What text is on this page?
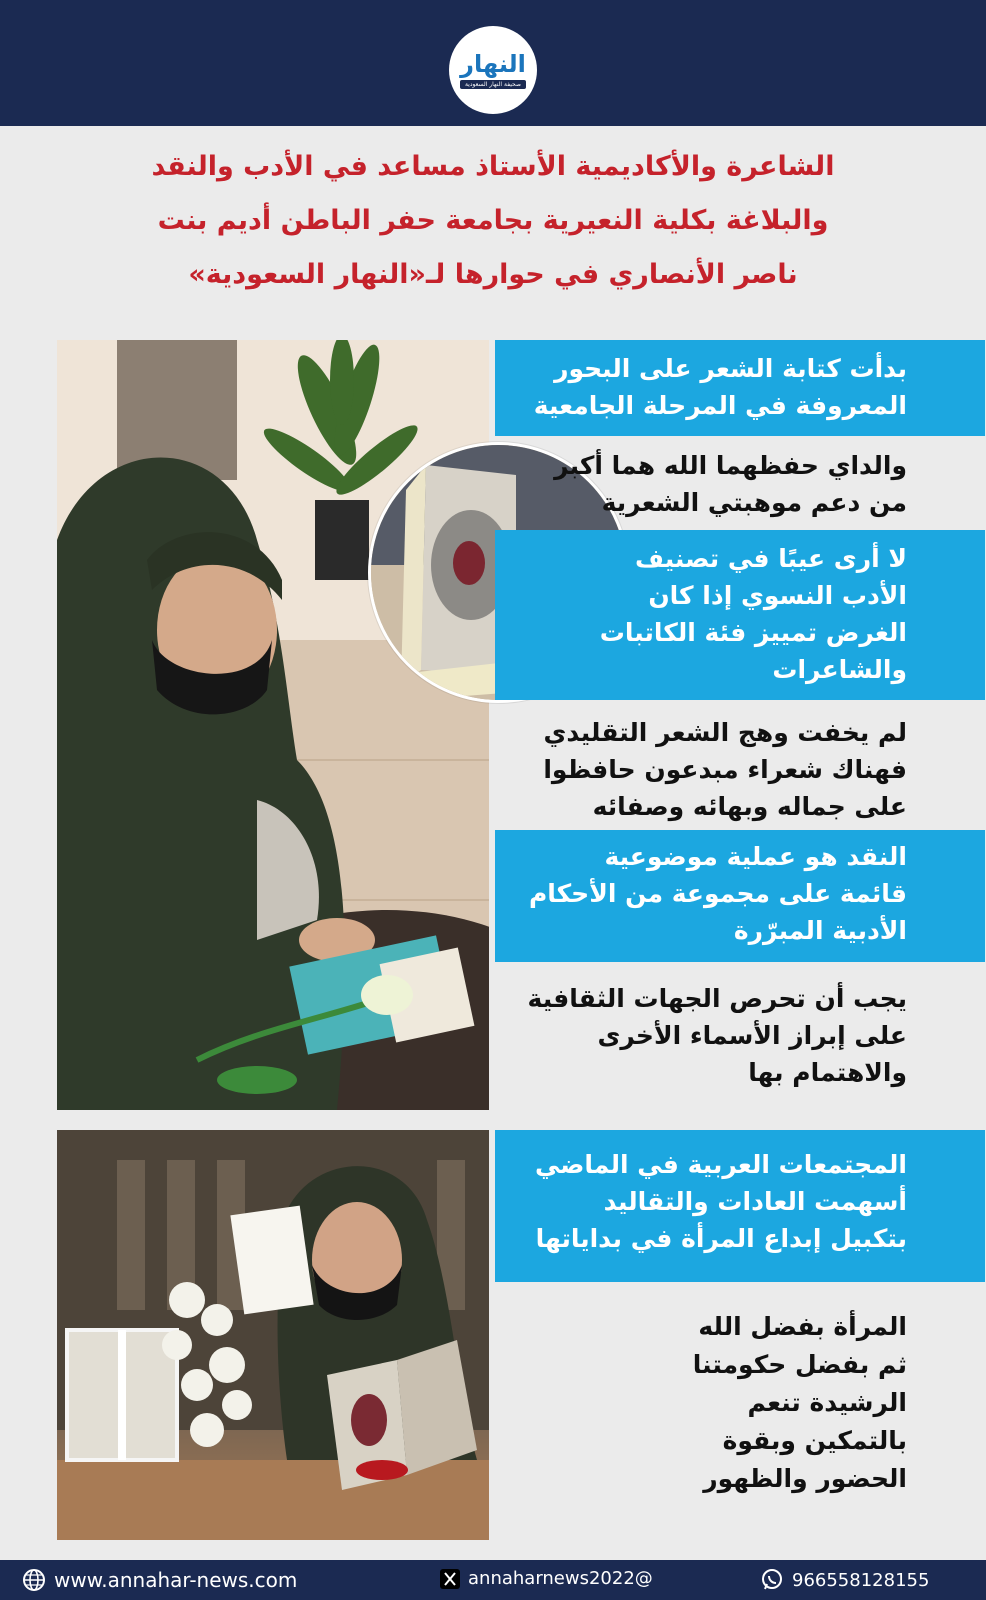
النهار
صحيفة النهار السعودية
الشاعرة والأكاديمية الأستاذ مساعد في الأدب والنقد
والبلاغة بكلية النعيرية بجامعة حفر الباطن أديم بنت
ناصر الأنصاري في حوارها لـ«النهار السعودية»
بدأت كتابة الشعر على البحور
المعروفة في المرحلة الجامعية
والداي حفظهما الله هما أكبر
من دعم موهبتي الشعرية
لا أرى عيبًا في تصنيف
الأدب النسوي إذا كان
الغرض تمييز فئة الكاتبات
والشاعرات
لم يخفت وهج الشعر التقليدي
فهناك شعراء مبدعون حافظوا
على جماله وبهائه وصفائه
النقد هو عملية موضوعية
قائمة على مجموعة من الأحكام
الأدبية المبرّرة
يجب أن تحرص الجهات الثقافية
على إبراز الأسماء الأخرى
والاهتمام بها
المجتمعات العربية في الماضي
أسهمت العادات والتقاليد
بتكبيل إبداع المرأة في بداياتها
المرأة بفضل الله
ثم بفضل حكومتنا
الرشيدة تنعم
بالتمكين وبقوة
الحضور والظهور
www.annahar-news.com	annaharnews2022@	966558128155
